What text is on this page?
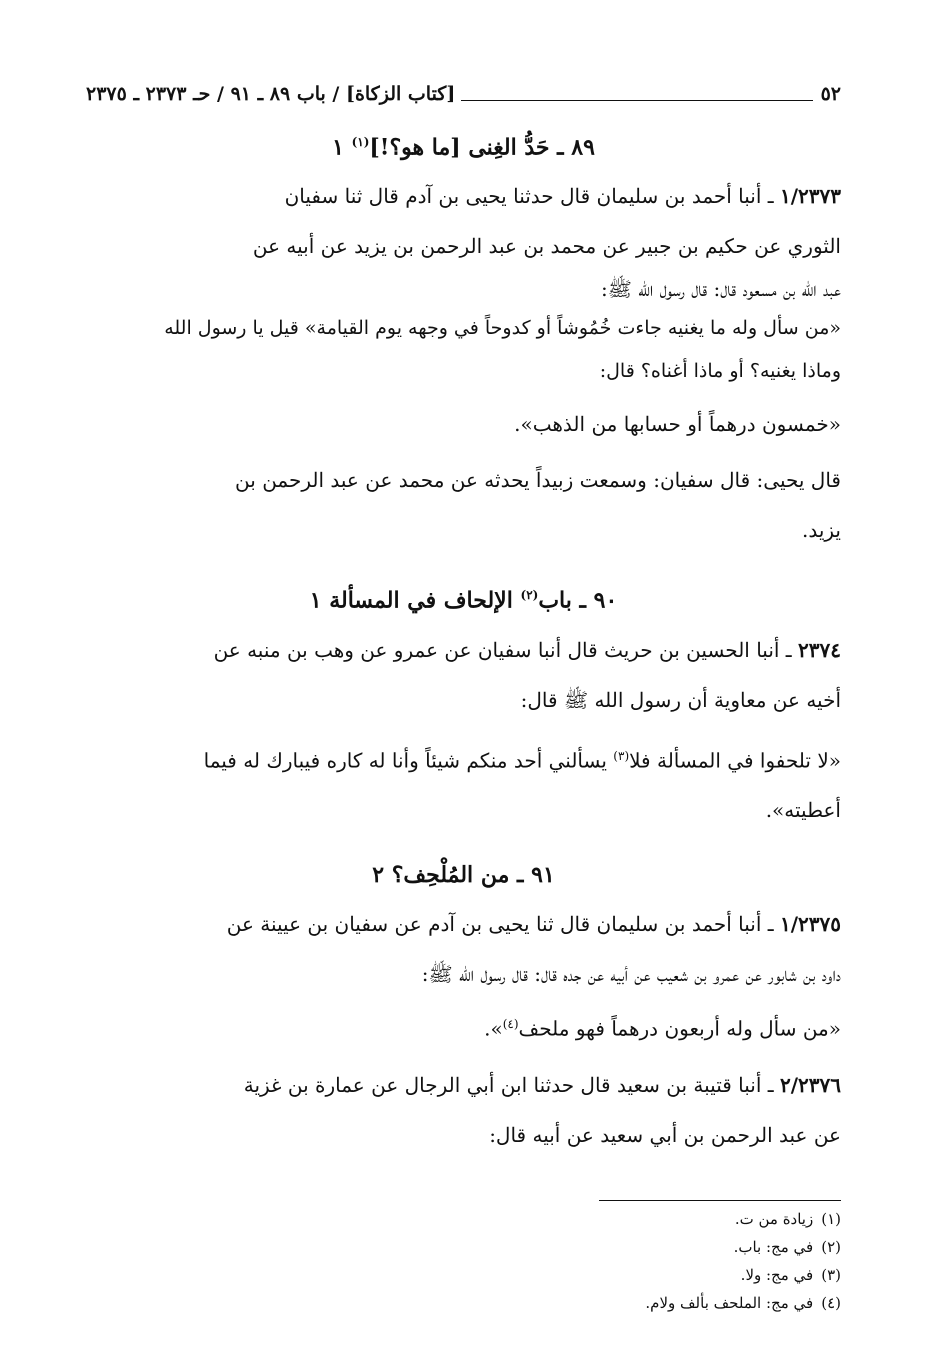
٥٢
[كتاب الزكاة] / باب ٨٩ ـ ٩١ / حـ ٢٣٧٣ ـ ٢٣٧٥
٨٩ ـ حَدُّ الغِنى [ما هو؟!]$^{(١)}$ ١
١/٢٣٧٣ ـ أنبا أحمد بن سليمان قال حدثنا يحيى بن آدم قال ثنا سفيان
الثوري عن حكيم بن جبير عن محمد بن عبد الرحمن بن يزيد عن أبيه عن
عبد الله بن مسعود قال: قال رسول الله ﷺ:
«من سأل وله ما يغنيه جاءت خُمُوشاً أو كدوحاً في وجهه يوم القيامة» قيل يا رسول الله
وماذا يغنيه؟ أو ماذا أغناه؟ قال:
«خمسون درهماً أو حسابها من الذهب».
قال يحيى: قال سفيان: وسمعت زبيداً يحدثه عن محمد عن عبد الرحمن بن
يزيد.
٩٠ ـ باب$^{(٢)}$ الإلحاف في المسألة ١
٢٣٧٤ ـ أنبا الحسين بن حريث قال أنبا سفيان عن عمرو عن وهب بن منبه عن
أخيه عن معاوية أن رسول الله ﷺ قال:
«لا تلحفوا في المسألة فلا$^{(٣)}$ يسألني أحد منكم شيئاً وأنا له كاره فيبارك له فيما
أعطيته».
٩١ ـ من المُلْحِف؟ ٢
١/٢٣٧٥ ـ أنبا أحمد بن سليمان قال ثنا يحيى بن آدم عن سفيان بن عيينة عن
داود بن شابور عن عمرو بن شعيب عن أبيه عن جده قال: قال رسول الله ﷺ:
«من سأل وله أربعون درهماً فهو ملحف$^{(٤)}$».
٢/٢٣٧٦ ـ أنبا قتيبة بن سعيد قال حدثنا ابن أبي الرجال عن عمارة بن غزية
عن عبد الرحمن بن أبي سعيد عن أبيه قال:
(١)
زيادة من ت.
(٢)
في مج: باب.
(٣)
في مج: ولا.
(٤)
في مج: الملحف بألف ولام.
